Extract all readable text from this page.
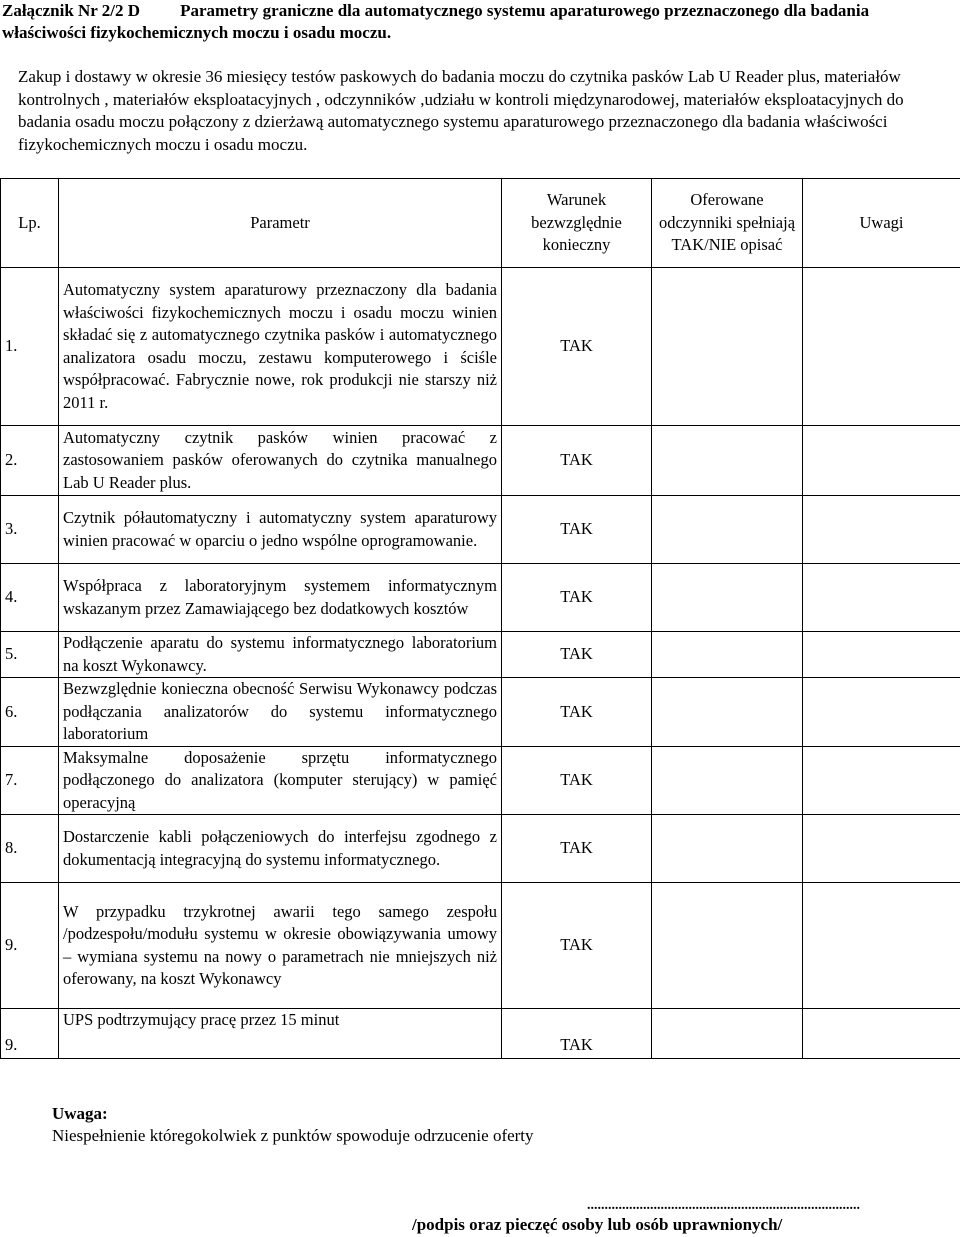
Załącznik Nr 2/2 D Parametry graniczne dla automatycznego systemu aparaturowego przeznaczonego dla badania właściwości fizykochemicznych moczu i osadu moczu.
Zakup i dostawy w okresie 36 miesięcy testów paskowych do badania moczu do czytnika pasków Lab U Reader plus, materiałów kontrolnych , materiałów eksploatacyjnych , odczynników ,udziału w kontroli międzynarodowej, materiałów eksploatacyjnych do badania osadu moczu połączony z dzierżawą automatycznego systemu aparaturowego przeznaczonego dla badania właściwości fizykochemicznych moczu i osadu moczu.
Lp.	Parametr	Warunek bezwzględnie konieczny	Oferowane odczynniki spełniają TAK/NIE opisać	Uwagi
1.	Automatyczny system aparaturowy przeznaczony dla badania właściwości fizykochemicznych moczu i osadu moczu winien składać się z automatycznego czytnika pasków i automatycznego analizatora osadu moczu, zestawu komputerowego i ściśle współpracować. Fabrycznie nowe, rok produkcji nie starszy niż 2011 r.	TAK		
2.	Automatyczny czytnik pasków winien pracować z zastosowaniem pasków oferowanych do czytnika manualnego Lab U Reader plus.	TAK		
3.	Czytnik półautomatyczny i automatyczny system aparaturowy winien pracować w oparciu o jedno wspólne oprogramowanie.	TAK		
4.	Współpraca z laboratoryjnym systemem informatycznym wskazanym przez Zamawiającego bez dodatkowych kosztów	TAK		
5.	Podłączenie aparatu do systemu informatycznego laboratorium na koszt Wykonawcy.	TAK		
6.	Bezwzględnie konieczna obecność Serwisu Wykonawcy podczas podłączania analizatorów do systemu informatycznego laboratorium	TAK		
7.	Maksymalne doposażenie sprzętu informatycznego podłączonego do analizatora (komputer sterujący) w pamięć operacyjną	TAK		
8.	Dostarczenie kabli połączeniowych do interfejsu zgodnego z dokumentacją integracyjną do systemu informatycznego.	TAK		
9.	W przypadku trzykrotnej awarii tego samego zespołu /podzespołu/modułu systemu w okresie obowiązywania umowy – wymiana systemu na nowy o parametrach nie mniejszych niż oferowany, na koszt Wykonawcy	TAK		
9.	UPS podtrzymujący pracę przez 15 minut	TAK		
Uwaga:
Niespełnienie któregokolwiek z punktów spowoduje odrzucenie oferty
..............................................................................
/podpis oraz pieczęć osoby lub osób uprawnionych/
